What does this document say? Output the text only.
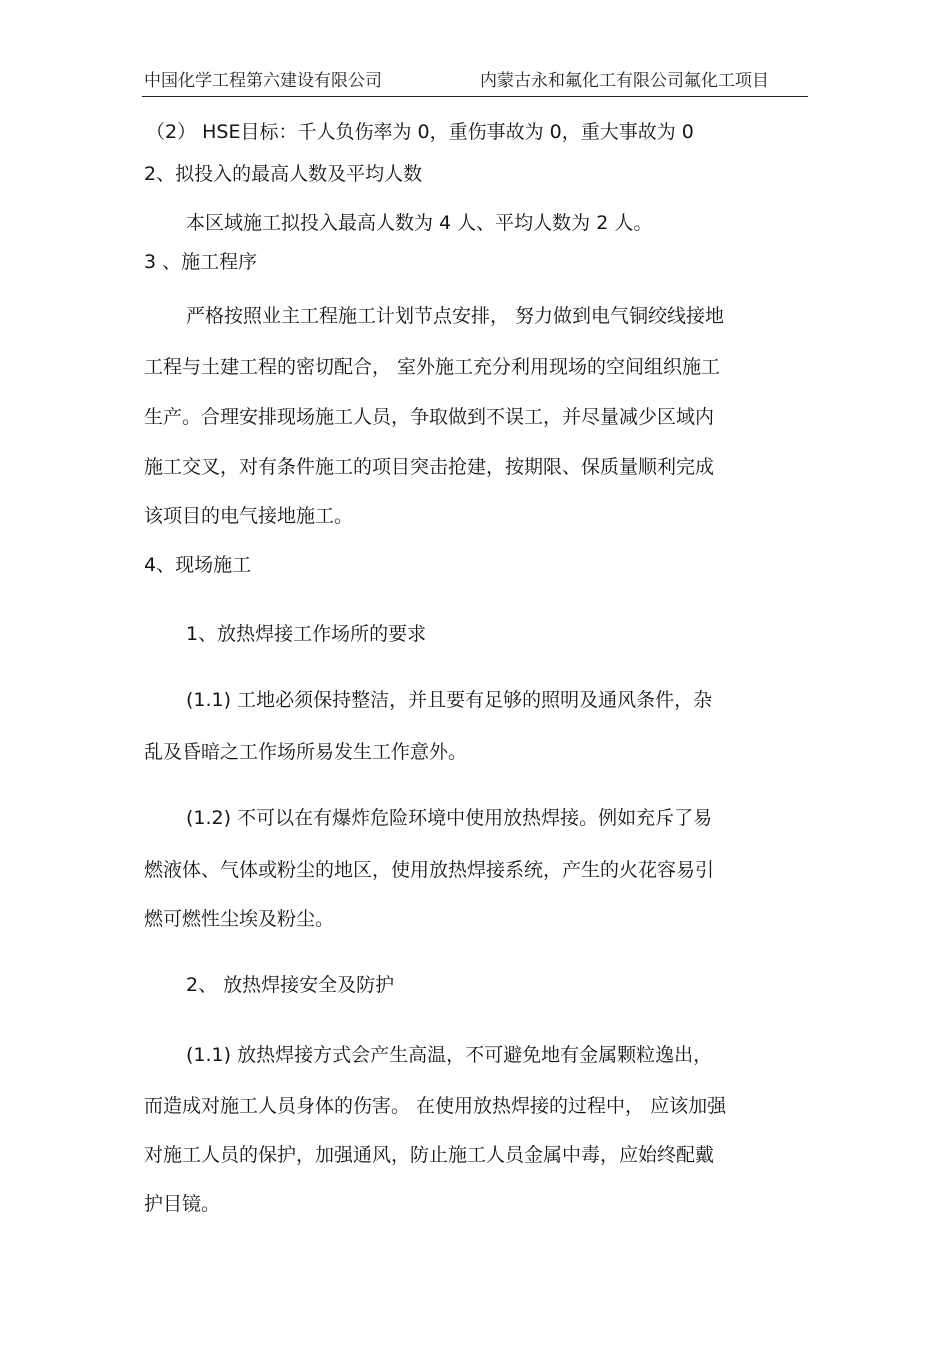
中国化学工程第六建设有限公司	内蒙古永和氟化工有限公司氟化工项目
（2） HSE目标：千人负伤率为 0，重伤事故为 0，重大事故为 0
2、拟投入的最高人数及平均人数
本区域施工拟投入最高人数为 4 人、平均人数为 2 人。
3 、施工程序
严格按照业主工程施工计划节点安排， 努力做到电气铜绞线接地
工程与土建工程的密切配合， 室外施工充分利用现场的空间组织施工
生产。合理安排现场施工人员，争取做到不误工，并尽量减少区域内
施工交叉，对有条件施工的项目突击抢建，按期限、保质量顺利完成
该项目的电气接地施工。
4、现场施工
1、放热焊接工作场所的要求
(1.1) 工地必须保持整洁，并且要有足够的照明及通风条件，杂
乱及昏暗之工作场所易发生工作意外。
(1.2) 不可以在有爆炸危险环境中使用放热焊接。例如充斥了易
燃液体、气体或粉尘的地区，使用放热焊接系统，产生的火花容易引
燃可燃性尘埃及粉尘。
2、 放热焊接安全及防护
(1.1) 放热焊接方式会产生高温，不可避免地有金属颗粒逸出，
而造成对施工人员身体的伤害。 在使用放热焊接的过程中， 应该加强
对施工人员的保护，加强通风，防止施工人员金属中毒，应始终配戴
护目镜。
